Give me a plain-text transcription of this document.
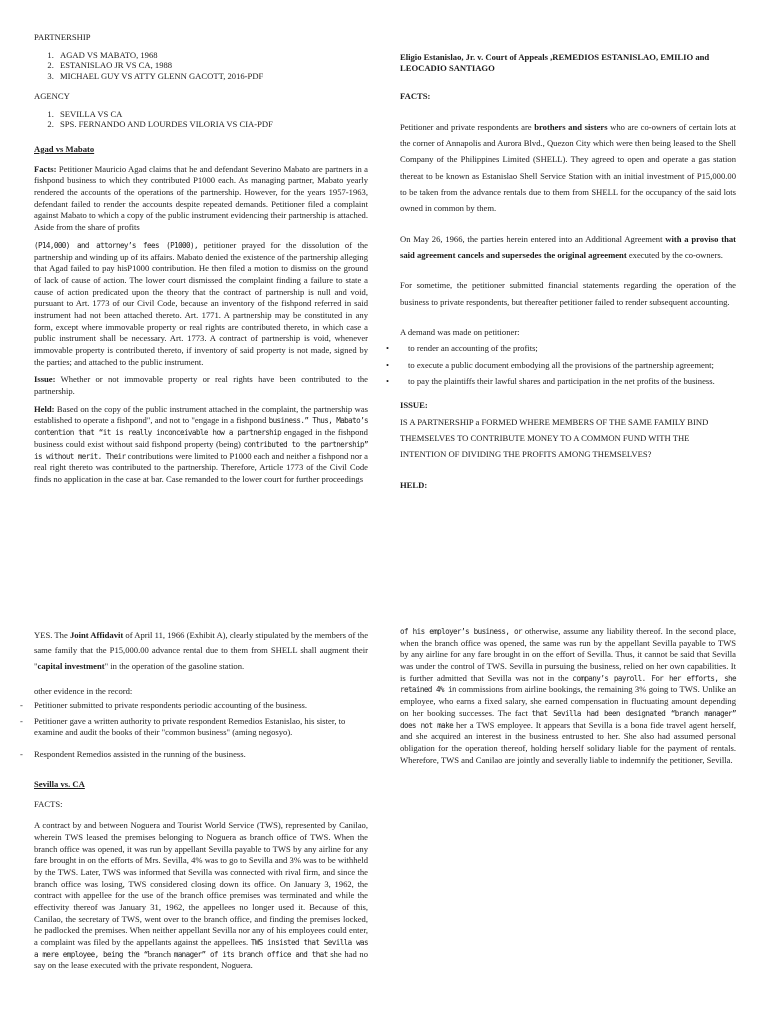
PARTNERSHIP
1. AGAD VS MABATO, 1968
2. ESTANISLAO JR VS CA, 1988
3. MICHAEL GUY VS ATTY GLENN GACOTT, 2016-PDF
AGENCY
1. SEVILLA VS CA
2. SPS. FERNANDO AND LOURDES VILORIA VS CIA-PDF
Agad vs Mabato

Facts: Petitioner Mauricio Agad claims that he and defendant Severino Mabato are partners in a fishpond business to which they contributed P1000 each. As managing partner, Mabato yearly rendered the accounts of the operations of the partnership. However, for the years 1957-1963, defendant failed to render the accounts despite repeated demands. Petitioner filed a complaint against Mabato to which a copy of the public instrument evidencing their partnership is attached. Aside from the share of profits

(P14,000) and attorney’s fees (P1000), petitioner prayed for the dissolution of the partnership and winding up of its affairs. Mabato denied the existence of the partnership alleging that Agad failed to pay hisP1000 contribution. He then filed a motion to dismiss on the ground of lack of cause of action. The lower court dismissed the complaint finding a failure to state a cause of action predicated upon the theory that the contract of partnership is null and void, pursuant to Art. 1773 of our Civil Code, because an inventory of the fishpond referred in said instrument had not been attached thereto. Art. 1771. A partnership may be constituted in any form, except where immovable property or real rights are contributed thereto, in which case a public instrument shall be necessary. Art. 1773. A contract of partnership is void, whenever immovable property is contributed thereto, if inventory of said property is not made, signed by the parties; and attached to the public instrument.

Issue: Whether or not immovable property or real rights have been contributed to the partnership.

Held: Based on the copy of the public instrument attached in the complaint, the partnership was established to operate a fishpond", and not to "engage in a fishpond business.” Thus, Mabato’s contention that “it is really inconceivable how a partnership engaged in the fishpond business could exist without said fishpond property (being) contributed to the partnership” is without merit. Their contributions were limited to P1000 each and neither a fishpond nor a real right thereto was contributed to the partnership. Therefore, Article 1773 of the Civil Code finds no application in the case at bar. Case remanded to the lower court for further proceedings

Eligio Estanislao, Jr. v. Court of Appeals ,REMEDIOS ESTANISLAO, EMILIO and LEOCADIO SANTIAGO
FACTS:

Petitioner and private respondents are brothers and sisters who are co-owners of certain lots at the corner of Annapolis and Aurora Blvd., Quezon City which were then being leased to the Shell Company of the Philippines Limited (SHELL). They agreed to open and operate a gas station thereat to be known as Estanislao Shell Service Station with an initial investment of P15,000.00 to be taken from the advance rentals due to them from SHELL for the occupancy of the said lots owned in common by them.

On May 26, 1966, the parties herein entered into an Additional Agreement with a proviso that said agreement cancels and supersedes the original agreement executed by the co-owners.

For sometime, the petitioner submitted financial statements regarding the operation of the business to private respondents, but thereafter petitioner failed to render subsequent accounting.

A demand was made on petitioner:
• to render an accounting of the profits;
• to execute a public document embodying all the provisions of the partnership agreement;
• to pay the plaintiffs their lawful shares and participation in the net profits of the business.
ISSUE:

IS A PARTNERSHIP a FORMED WHERE MEMBERS OF THE SAME FAMILY BIND THEMSELVES TO CONTRIBUTE MONEY TO A COMMON FUND WITH THE INTENTION OF DIVIDING THE PROFITS AMONG THEMSELVES?

HELD:

YES. The Joint Affidavit of April 11, 1966 (Exhibit A), clearly stipulated by the members of the same family that the P15,000.00 advance rental due to them from SHELL shall augment their "capital investment" in the operation of the gasoline station.

other evidence in the record:
- Petitioner submitted to private respondents periodic accounting of the business.
- Petitioner gave a written authority to private respondent Remedios Estanislao, his sister, to examine and audit the books of their "common business" (aming negosyo).
- Respondent Remedios assisted in the running of the business.
Sevilla vs. CA
FACTS:

A contract by and between Noguera and Tourist World Service (TWS), represented by Canilao, wherein TWS leased the premises belonging to Noguera as branch office of TWS. When the branch office was opened, it was run by appellant Sevilla payable to TWS by any airline for any fare brought in on the efforts of Mrs. Sevilla, 4% was to go to Sevilla and 3% was to be withheld by the TWS. Later, TWS was informed that Sevilla was connected with rival firm, and since the branch office was losing, TWS considered closing down its office. On January 3, 1962, the contract with appellee for the use of the branch office premises was terminated and while the effectivity thereof was January 31, 1962, the appellees no longer used it. Because of this, Canilao, the secretary of TWS, went over to the branch office, and finding the premises locked, he padlocked the premises. When neither appellant Sevilla nor any of his employees could enter, a complaint was filed by the appellants against the appellees. TWS insisted that Sevilla was a mere employee, being the “branch manager” of its branch office and that she had no say on the lease executed with the private respondent, Noguera.

of his employer’s business, or otherwise, assume any liability thereof. In the second place, when the branch office was opened, the same was run by the appellant Sevilla payable to TWS by any airline for any fare brought in on the effort of Sevilla. Thus, it cannot be said that Sevilla was under the control of TWS. Sevilla in pursuing the business, relied on her own capabilities. It is further admitted that Sevilla was not in the company’s payroll. For her efforts, she retained 4% in commissions from airline bookings, the remaining 3% going to TWS. Unlike an employee, who earns a fixed salary, she earned compensation in fluctuating amount depending on her booking successes. The fact that Sevilla had been designated “branch manager” does not make her a TWS employee. It appears that Sevilla is a bona fide travel agent herself, and she acquired an interest in the business entrusted to her. She also had assumed personal obligation for the operation thereof, holding herself solidary liable for the payment of rentals. Wherefore, TWS and Canilao are jointly and severally liable to indemnify the petitioner, Sevilla.
